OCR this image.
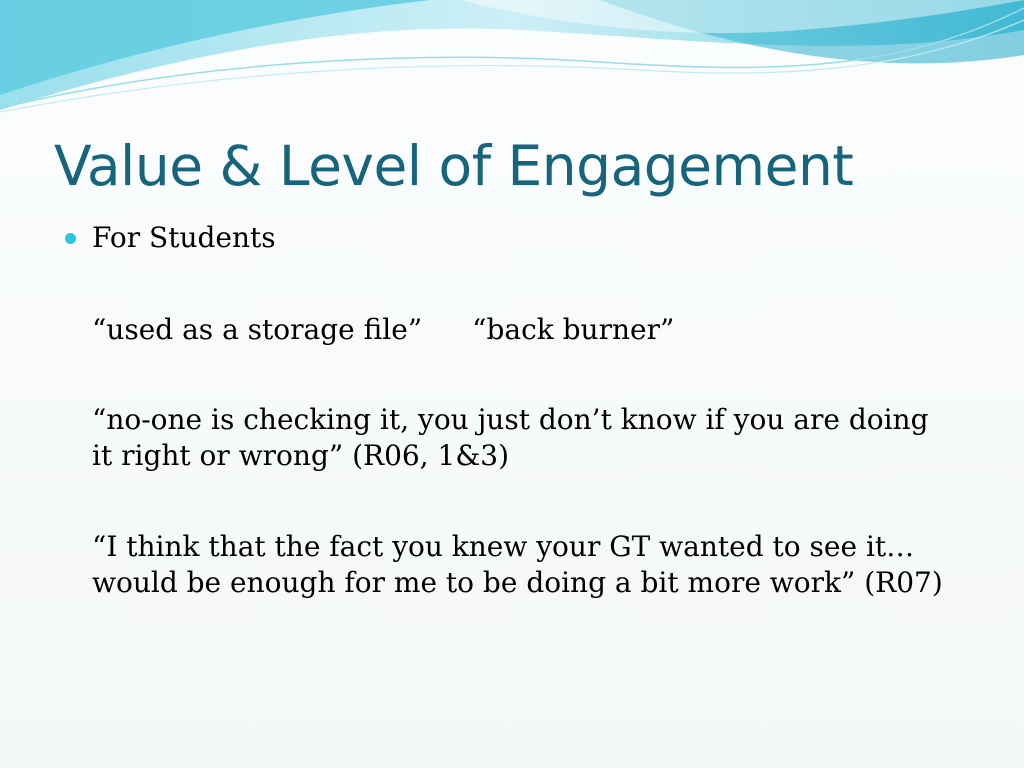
Value & Level of Engagement

For Students

“used as a storage file” “back burner”

“no-one is checking it, you just don’t know if you are doing

it right or wrong” (R06, 1&3)

“I think that the fact you knew your GT wanted to see it…

would be enough for me to be doing a bit more work” (R07)
